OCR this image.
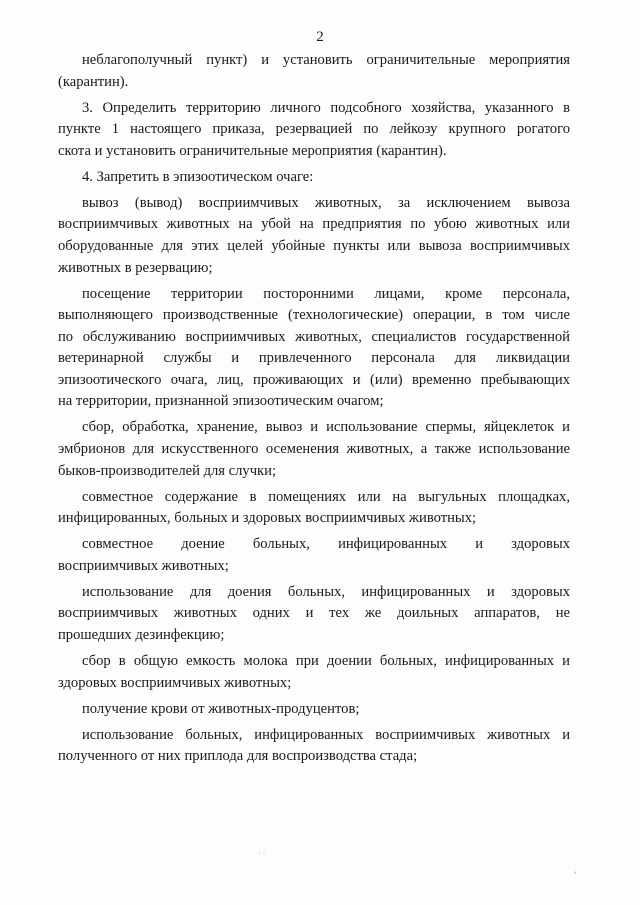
2
неблагополучный пункт) и установить ограничительные мероприятия
(карантин).
3. Определить территорию личного подсобного хозяйства, указанного в
пункте 1 настоящего приказа, резервацией по лейкозу крупного рогатого
скота и установить ограничительные мероприятия (карантин).
4. Запретить в эпизоотическом очаге:
вывоз (вывод) восприимчивых животных, за исключением вывоза
восприимчивых животных на убой на предприятия по убою животных или
оборудованные для этих целей убойные пункты или вывоза восприимчивых
животных в резервацию;
посещение территории посторонними лицами, кроме персонала,
выполняющего производственные (технологические) операции, в том числе
по обслуживанию восприимчивых животных, специалистов государственной
ветеринарной службы и привлеченного персонала для ликвидации
эпизоотического очага, лиц, проживающих и (или) временно пребывающих
на территории, признанной эпизоотическим очагом;
сбор, обработка, хранение, вывоз и использование спермы, яйцеклеток и
эмбрионов для искусственного осеменения животных, а также использование
быков-производителей для случки;
совместное содержание в помещениях или на выгульных площадках,
инфицированных, больных и здоровых восприимчивых животных;
совместное доение больных, инфицированных и здоровых
восприимчивых животных;
использование для доения больных, инфицированных и здоровых
восприимчивых животных одних и тех же доильных аппаратов, не
прошедших дезинфекцию;
сбор в общую емкость молока при доении больных, инфицированных и
здоровых восприимчивых животных;
получение крови от животных-продуцентов;
использование больных, инфицированных восприимчивых животных и
полученного от них приплода для воспроизводства стада;
˙ ˙
˚
